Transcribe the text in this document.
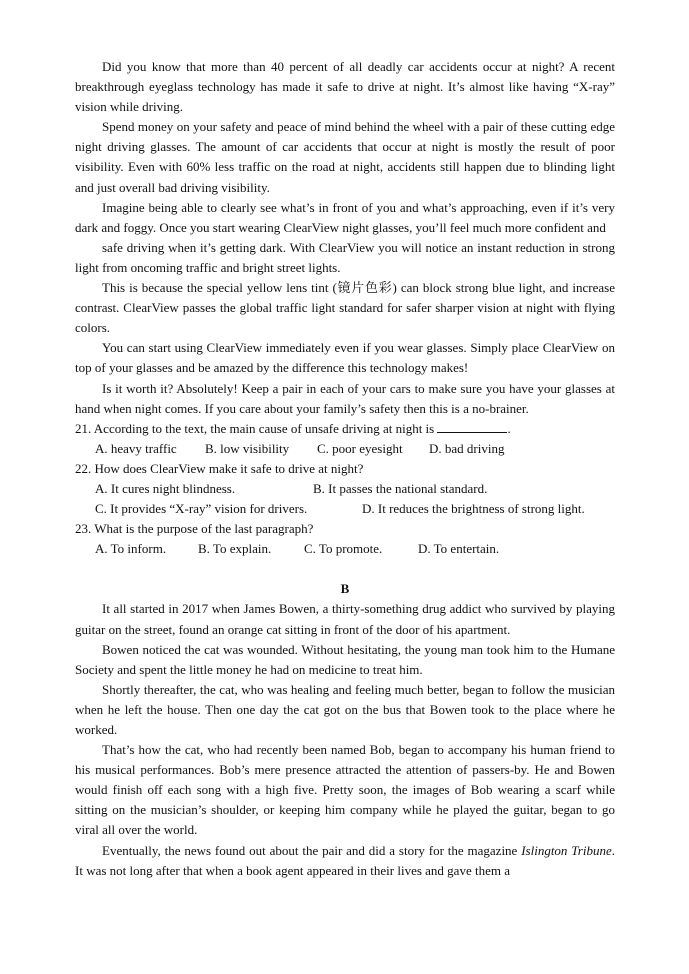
Did you know that more than 40 percent of all deadly car accidents occur at night? A recent breakthrough eyeglass technology has made it safe to drive at night. It’s almost like having “X-ray” vision while driving.

Spend money on your safety and peace of mind behind the wheel with a pair of these cutting edge night driving glasses. The amount of car accidents that occur at night is mostly the result of poor visibility. Even with 60% less traffic on the road at night, accidents still happen due to blinding light and just overall bad driving visibility.

Imagine being able to clearly see what’s in front of you and what’s approaching, even if it’s very dark and foggy. Once you start wearing ClearView night glasses, you’ll feel much more confident and

safe driving when it’s getting dark. With ClearView you will notice an instant reduction in strong light from oncoming traffic and bright street lights.

This is because the special yellow lens tint (镜片色彩) can block strong blue light, and increase contrast. ClearView passes the global traffic light standard for safer sharper vision at night with flying colors.

You can start using ClearView immediately even if you wear glasses. Simply place ClearView on top of your glasses and be amazed by the difference this technology makes!

Is it worth it? Absolutely! Keep a pair in each of your cars to make sure you have your glasses at hand when night comes. If you care about your family’s safety then this is a no-brainer.

21. According to the text, the main cause of unsafe driving at night is	.
A. heavy traffic	B. low visibility	C. poor eyesight	D. bad driving
22. How does ClearView make it safe to drive at night?
A. It cures night blindness.	B. It passes the national standard.
C. It provides “X-ray” vision for drivers.	D. It reduces the brightness of strong light.
23. What is the purpose of the last paragraph?
A. To inform.	B. To explain.	C. To promote.	D. To entertain.
B

It all started in 2017 when James Bowen, a thirty-something drug addict who survived by playing guitar on the street, found an orange cat sitting in front of the door of his apartment.

Bowen noticed the cat was wounded. Without hesitating, the young man took him to the Humane Society and spent the little money he had on medicine to treat him.

Shortly thereafter, the cat, who was healing and feeling much better, began to follow the musician when he left the house. Then one day the cat got on the bus that Bowen took to the place where he worked.

That’s how the cat, who had recently been named Bob, began to accompany his human friend to his musical performances. Bob’s mere presence attracted the attention of passers-by. He and Bowen would finish off each song with a high five. Pretty soon, the images of Bob wearing a scarf while sitting on the musician’s shoulder, or keeping him company while he played the guitar, began to go viral all over the world.

Eventually, the news found out about the pair and did a story for the magazine Islington Tribune. It was not long after that when a book agent appeared in their lives and gave them a
